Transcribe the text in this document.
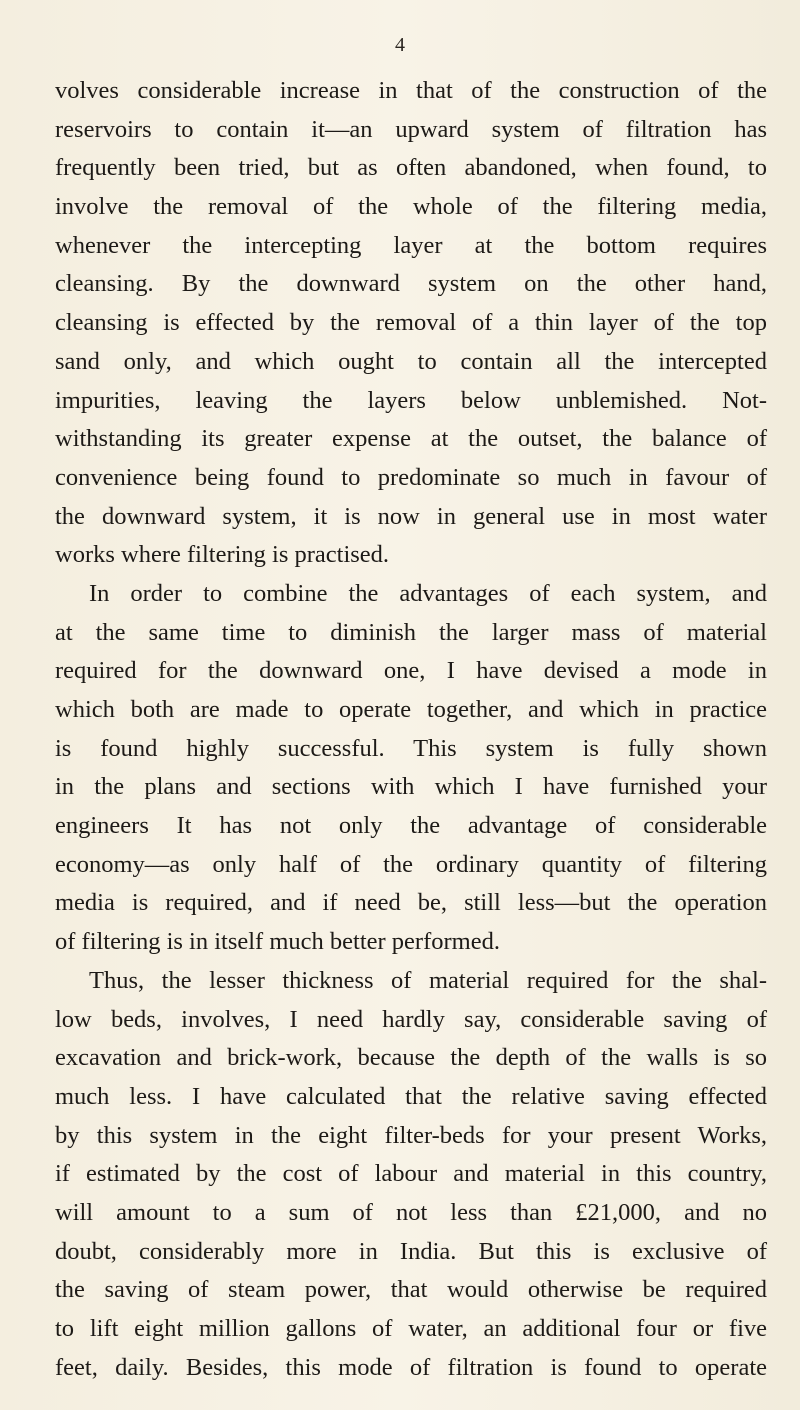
4
volves considerable increase in that of the construction of the
reservoirs to contain it—an upward system of filtration has
frequently been tried, but as often abandoned, when found, to
involve the removal of the whole of the filtering media,
whenever the intercepting layer at the bottom requires
cleansing. By the downward system on the other hand,
cleansing is effected by the removal of a thin layer of the top
sand only, and which ought to contain all the intercepted
impurities, leaving the layers below unblemished. Not-
withstanding its greater expense at the outset, the balance of
convenience being found to predominate so much in favour of
the downward system, it is now in general use in most water
works where filtering is practised.
In order to combine the advantages of each system, and
at the same time to diminish the larger mass of material
required for the downward one, I have devised a mode in
which both are made to operate together, and which in practice
is found highly successful. This system is fully shown
in the plans and sections with which I have furnished your
engineers It has not only the advantage of considerable
economy—as only half of the ordinary quantity of filtering
media is required, and if need be, still less—but the operation
of filtering is in itself much better performed.
Thus, the lesser thickness of material required for the shal-
low beds, involves, I need hardly say, considerable saving of
excavation and brick-work, because the depth of the walls is so
much less. I have calculated that the relative saving effected
by this system in the eight filter-beds for your present Works,
if estimated by the cost of labour and material in this country,
will amount to a sum of not less than £21,000, and no
doubt, considerably more in India. But this is exclusive of
the saving of steam power, that would otherwise be required
to lift eight million gallons of water, an additional four or five
feet, daily. Besides, this mode of filtration is found to operate
